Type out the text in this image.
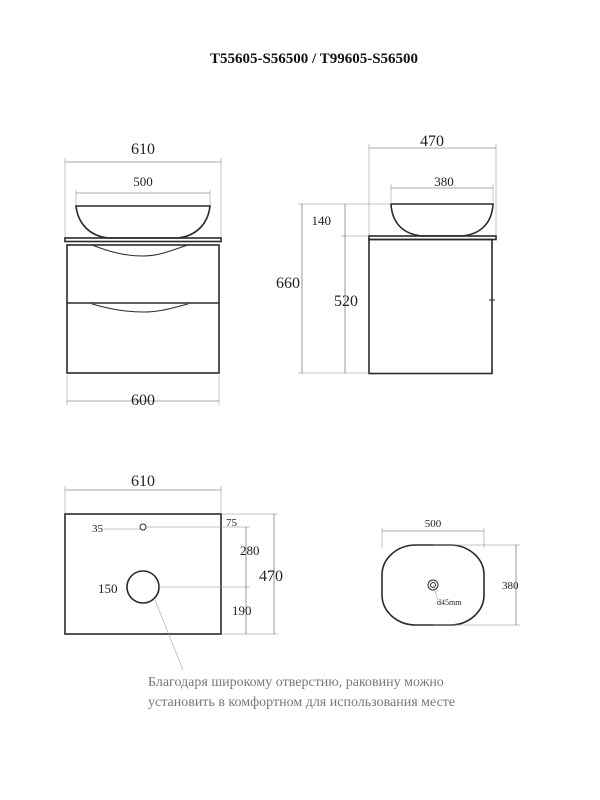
T55605-S56500 / T99605-S56500
610
500
600
470
380
660
140
520
610
35	75
150
280
190
470
500
d45mm
380
Благодаря широкому отверстию, раковину можно
установить в комфортном для использования месте
